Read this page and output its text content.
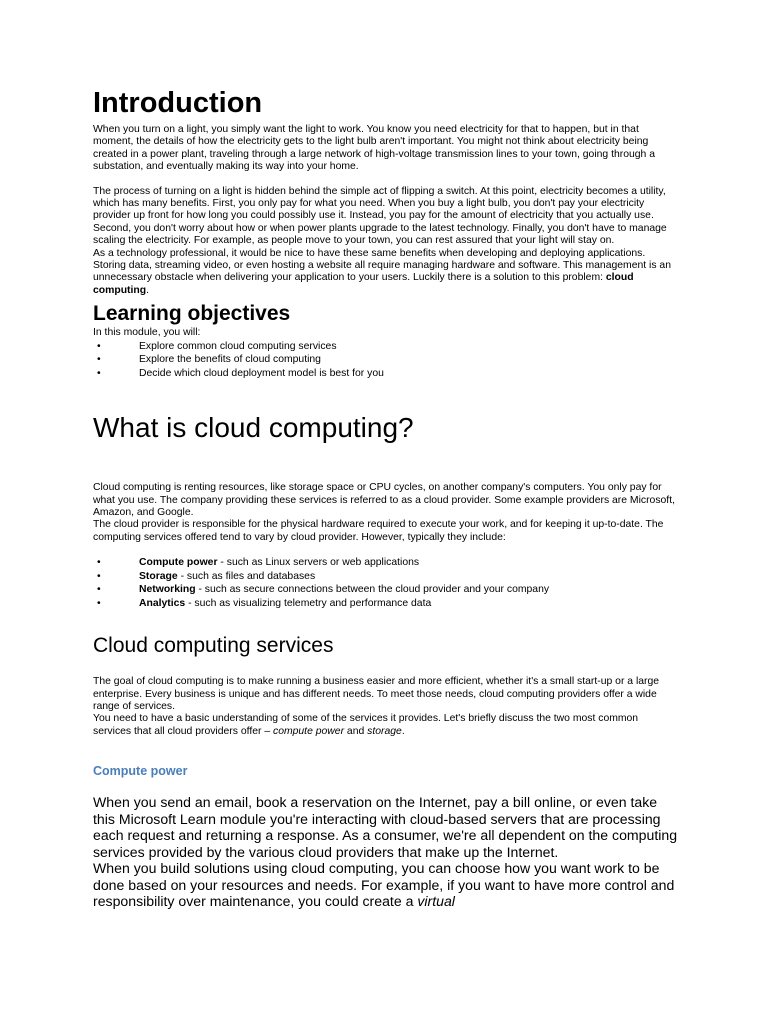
Introduction

When you turn on a light, you simply want the light to work. You know you need electricity for that to happen, but in that moment, the details of how the electricity gets to the light bulb aren't important. You might not think about electricity being created in a power plant, traveling through a large network of high-voltage transmission lines to your town, going through a substation, and eventually making its way into your home.

The process of turning on a light is hidden behind the simple act of flipping a switch. At this point, electricity becomes a utility, which has many benefits. First, you only pay for what you need. When you buy a light bulb, you don't pay your electricity provider up front for how long you could possibly use it. Instead, you pay for the amount of electricity that you actually use. Second, you don't worry about how or when power plants upgrade to the latest technology. Finally, you don't have to manage scaling the electricity. For example, as people move to your town, you can rest assured that your light will stay on.

As a technology professional, it would be nice to have these same benefits when developing and deploying applications. Storing data, streaming video, or even hosting a website all require managing hardware and software. This management is an unnecessary obstacle when delivering your application to your users. Luckily there is a solution to this problem: cloud computing.

Learning objectives

In this module, you will:

•	Explore common cloud computing services
•	Explore the benefits of cloud computing
•	Decide which cloud deployment model is best for you
What is cloud computing?

Cloud computing is renting resources, like storage space or CPU cycles, on another company's computers. You only pay for what you use. The company providing these services is referred to as a cloud provider. Some example providers are Microsoft, Amazon, and Google.

The cloud provider is responsible for the physical hardware required to execute your work, and for keeping it up-to-date. The computing services offered tend to vary by cloud provider. However, typically they include:

•	Compute power - such as Linux servers or web applications
•	Storage - such as files and databases
•	Networking - such as secure connections between the cloud provider and your company
•	Analytics - such as visualizing telemetry and performance data
Cloud computing services

The goal of cloud computing is to make running a business easier and more efficient, whether it's a small start-up or a large enterprise. Every business is unique and has different needs. To meet those needs, cloud computing providers offer a wide range of services.

You need to have a basic understanding of some of the services it provides. Let's briefly discuss the two most common services that all cloud providers offer – compute power and storage.

Compute power

When you send an email, book a reservation on the Internet, pay a bill online, or even take this Microsoft Learn module you're interacting with cloud-based servers that are processing each request and returning a response. As a consumer, we're all dependent on the computing services provided by the various cloud providers that make up the Internet.

When you build solutions using cloud computing, you can choose how you want work to be done based on your resources and needs. For example, if you want to have more control and responsibility over maintenance, you could create a virtual
